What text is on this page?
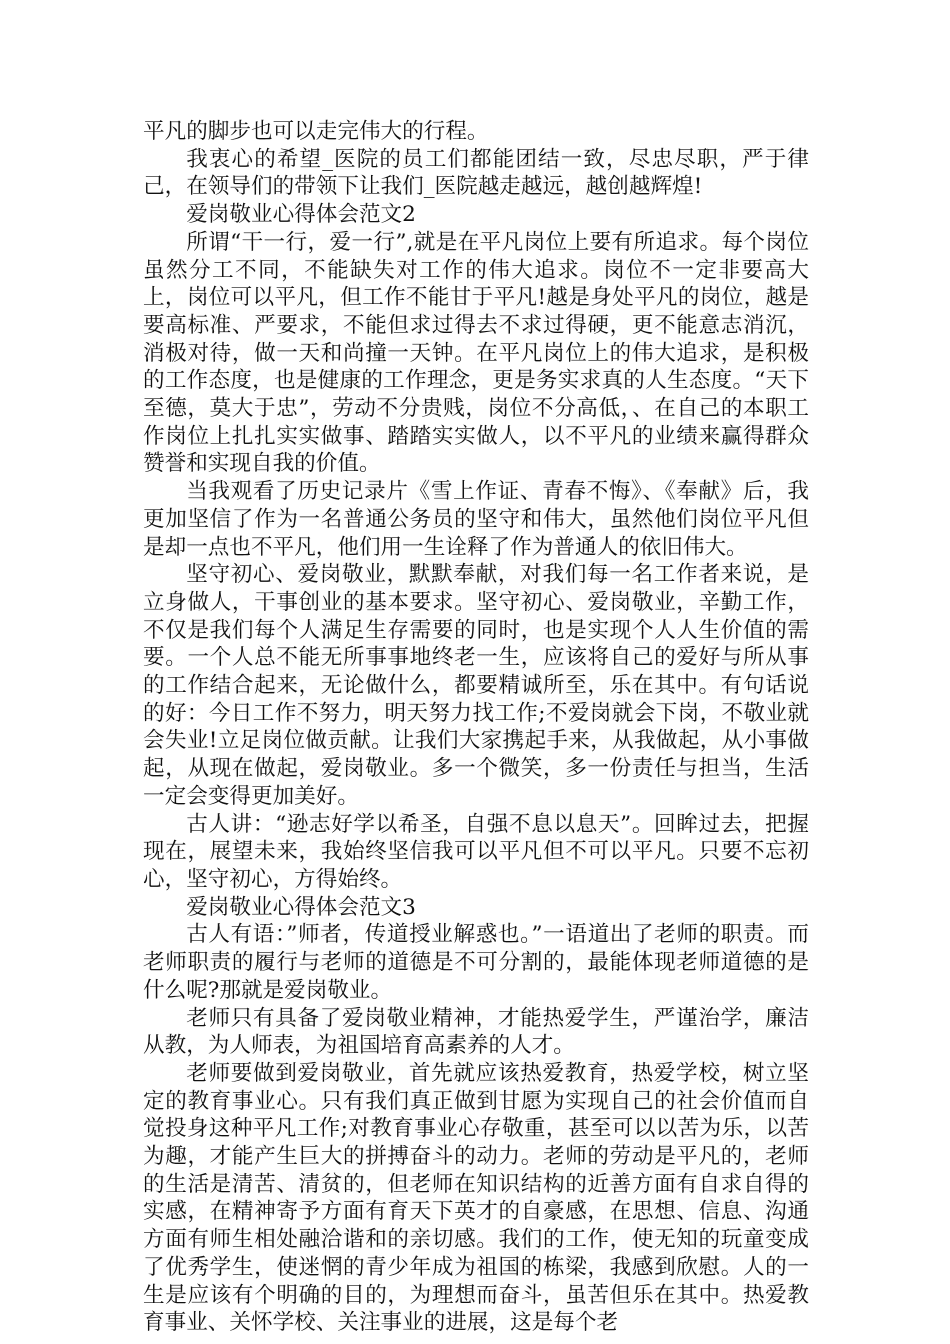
平凡的脚步也可以走完伟大的行程。

我衷心的希望_医院的员工们都能团结一致，尽忠尽职，严于律己，在领导们的带领下让我们_医院越走越远，越创越辉煌!

爱岗敬业心得体会范文2

所谓“干一行，爱一行”,就是在平凡岗位上要有所追求。每个岗位虽然分工不同，不能缺失对工作的伟大追求。岗位不一定非要高大上，岗位可以平凡，但工作不能甘于平凡!越是身处平凡的岗位，越是要高标准、严要求，不能但求过得去不求过得硬，更不能意志消沉，消极对待，做一天和尚撞一天钟。在平凡岗位上的伟大追求，是积极的工作态度，也是健康的工作理念，更是务实求真的人生态度。“天下至德，莫大于忠”，劳动不分贵贱，岗位不分高低，、在自己的本职工作岗位上扎扎实实做事、踏踏实实做人，以不平凡的业绩来赢得群众赞誉和实现自我的价值。

当我观看了历史记录片《雪上作证、青春不悔》、《奉献》后，我更加坚信了作为一名普通公务员的坚守和伟大，虽然他们岗位平凡但是却一点也不平凡，他们用一生诠释了作为普通人的依旧伟大。

坚守初心、爱岗敬业，默默奉献，对我们每一名工作者来说，是立身做人，干事创业的基本要求。坚守初心、爱岗敬业，辛勤工作，不仅是我们每个人满足生存需要的同时，也是实现个人人生价值的需要。一个人总不能无所事事地终老一生，应该将自己的爱好与所从事的工作结合起来，无论做什么，都要精诚所至，乐在其中。有句话说的好：今日工作不努力，明天努力找工作;不爱岗就会下岗，不敬业就会失业!立足岗位做贡献。让我们大家携起手来，从我做起，从小事做起，从现在做起，爱岗敬业。多一个微笑，多一份责任与担当，生活一定会变得更加美好。

古人讲：“逊志好学以希圣，自强不息以息天”。回眸过去，把握现在，展望未来，我始终坚信我可以平凡但不可以平凡。只要不忘初心，坚守初心，方得始终。

爱岗敬业心得体会范文3

古人有语：”师者，传道授业解惑也。”一语道出了老师的职责。而老师职责的履行与老师的道德是不可分割的，最能体现老师道德的是什么呢?那就是爱岗敬业。

老师只有具备了爱岗敬业精神，才能热爱学生，严谨治学，廉洁从教，为人师表，为祖国培育高素养的人才。

老师要做到爱岗敬业，首先就应该热爱教育，热爱学校，树立坚定的教育事业心。只有我们真正做到甘愿为实现自己的社会价值而自觉投身这种平凡工作;对教育事业心存敬重，甚至可以以苦为乐，以苦为趣，才能产生巨大的拼搏奋斗的动力。老师的劳动是平凡的，老师的生活是清苦、清贫的，但老师在知识结构的近善方面有自求自得的实感，在精神寄予方面有育天下英才的自豪感，在思想、信息、沟通方面有师生相处融洽谐和的亲切感。我们的工作，使无知的玩童变成了优秀学生，使迷惘的青少年成为祖国的栋梁，我感到欣慰。人的一生是应该有个明确的目的，为理想而奋斗，虽苦但乐在其中。热爱教育事业、关怀学校、关注事业的进展，这是每个老
